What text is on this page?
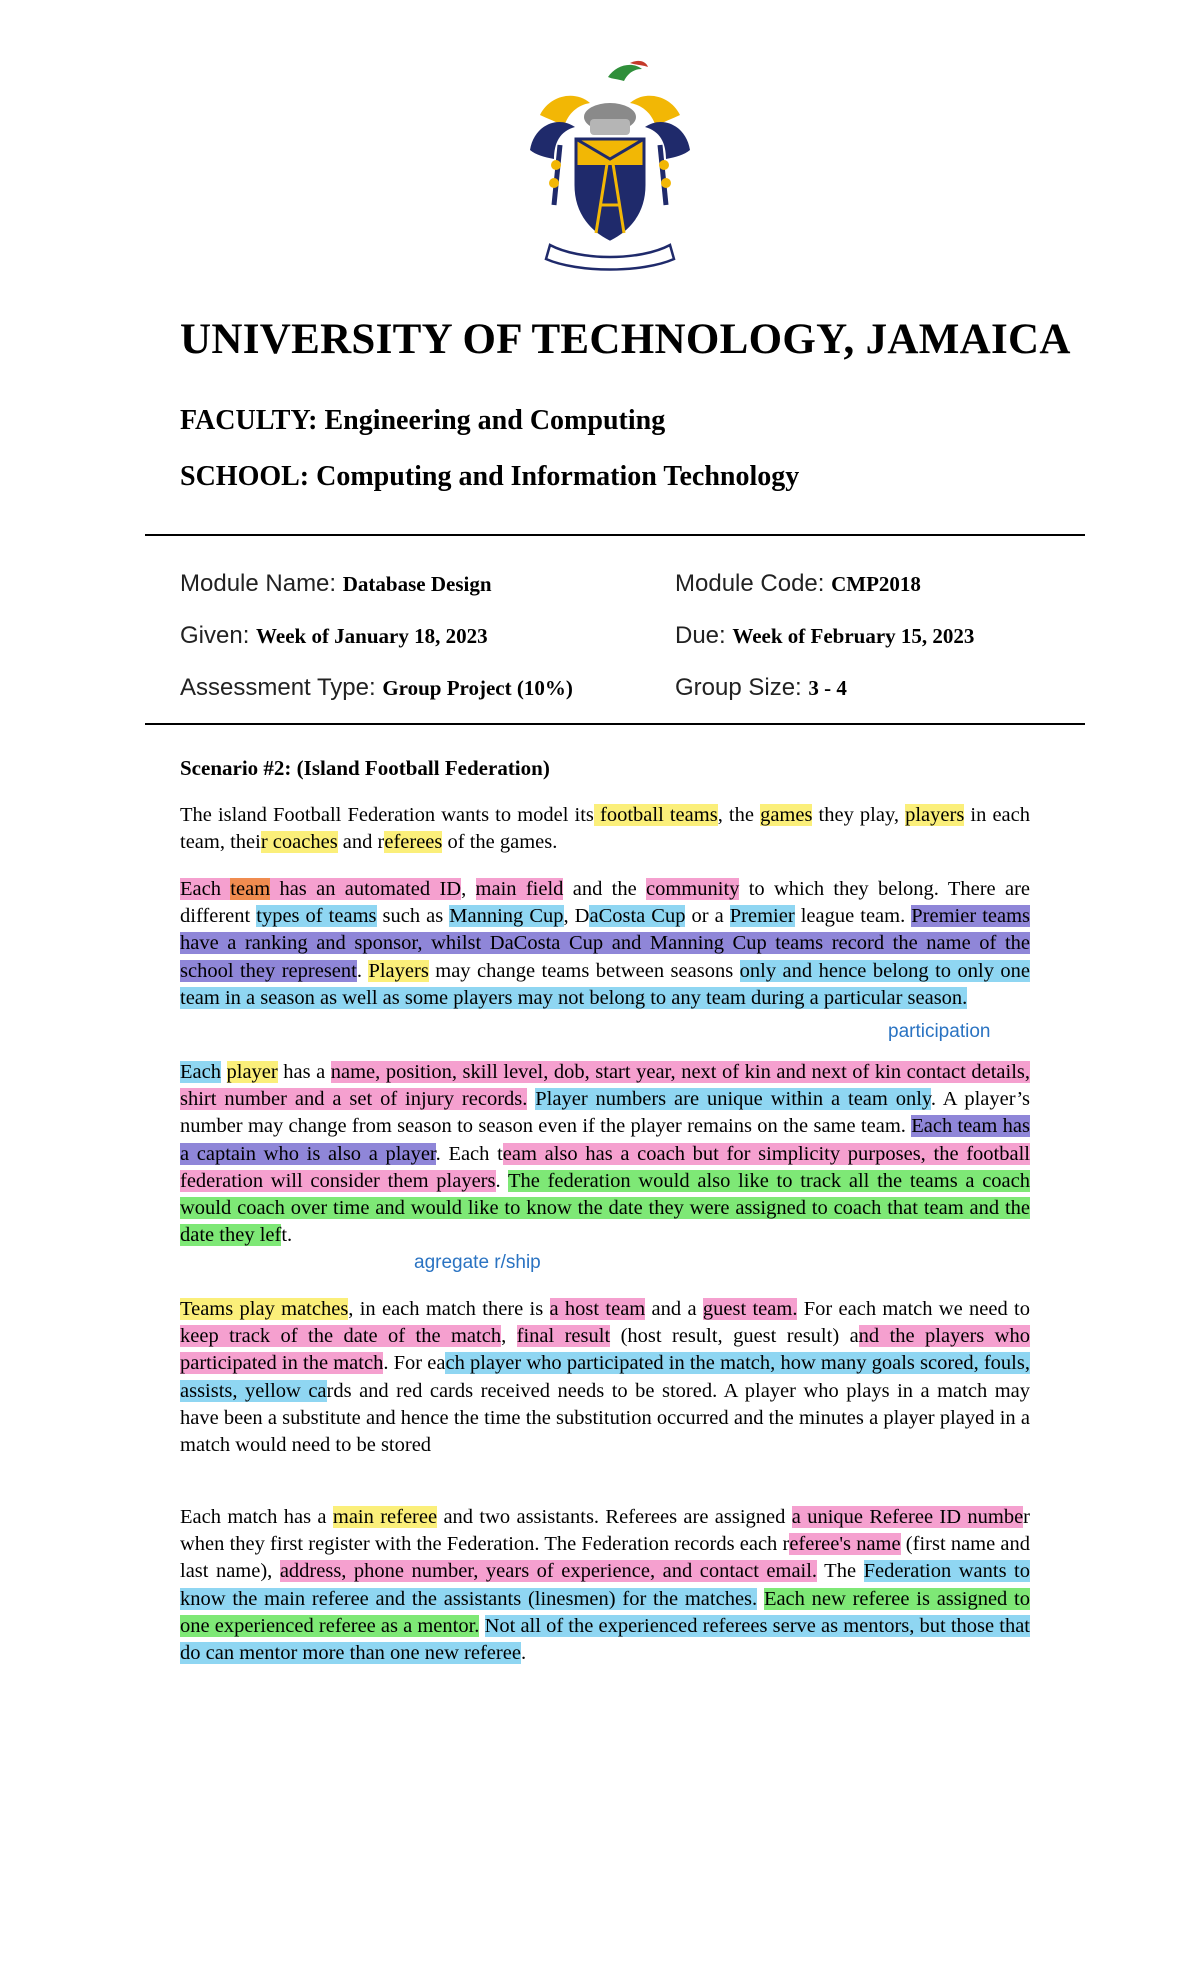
UNIVERSITY OF TECHNOLOGY, JAMAICA
FACULTY: Engineering and Computing
SCHOOL: Computing and Information Technology
Module Name: Database Design	Module Code: CMP2018
Given: Week of January 18, 2023	Due: Week of February 15, 2023
Assessment Type: Group Project (10%)	Group Size: 3 - 4
Scenario #2: (Island Football Federation)

The island Football Federation wants to model its football teams, the games they play, players in each team, their coaches and referees of the games.

Each team has an automated ID, main field and the community to which they belong. There are different types of teams such as Manning Cup, DaCosta Cup or a Premier league team. Premier teams have a ranking and sponsor, whilst DaCosta Cup and Manning Cup teams record the name of the school they represent. Players may change teams between seasons only and hence belong to only one team in a season as well as some players may not belong to any team during a particular season.

Each player has a name, position, skill level, dob, start year, next of kin and next of kin contact details, shirt number and a set of injury records. Player numbers are unique within a team only. A player’s number may change from season to season even if the player remains on the same team. Each team has a captain who is also a player. Each team also has a coach but for simplicity purposes, the football federation will consider them players. The federation would also like to track all the teams a coach would coach over time and would like to know the date they were assigned to coach that team and the date they left.

Teams play matches, in each match there is a host team and a guest team. For each match we need to keep track of the date of the match, final result (host result, guest result) and the players who participated in the match. For each player who participated in the match, how many goals scored, fouls, assists, yellow cards and red cards received needs to be stored. A player who plays in a match may have been a substitute and hence the time the substitution occurred and the minutes a player played in a match would need to be stored

Each match has a main referee and two assistants. Referees are assigned a unique Referee ID number when they first register with the Federation. The Federation records each referee's name (first name and last name), address, phone number, years of experience, and contact email. The Federation wants to know the main referee and the assistants (linesmen) for the matches. Each new referee is assigned to one experienced referee as a mentor. Not all of the experienced referees serve as mentors, but those that do can mentor more than one new referee.

participation
agregate r/ship
